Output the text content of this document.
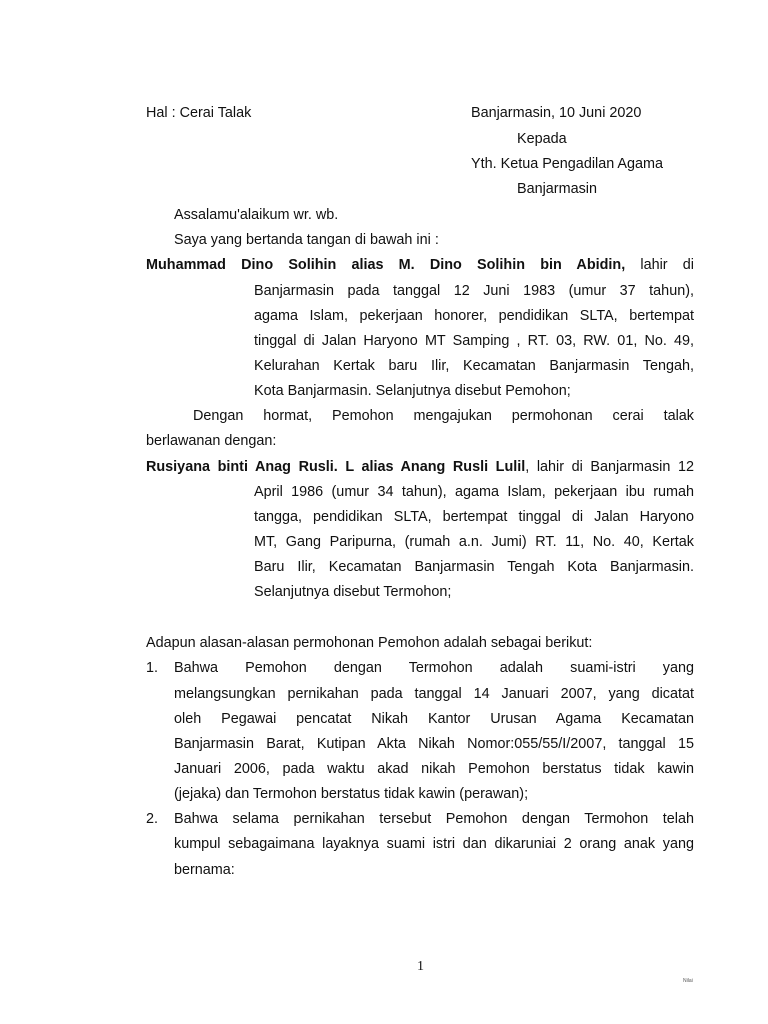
Hal : Cerai Talak	Banjarmasin, 10 Juni 2020
Kepada
Yth. Ketua Pengadilan Agama
Banjarmasin
Assalamu'alaikum wr. wb.
Saya yang bertanda tangan di bawah ini :
Muhammad Dino Solihin alias M. Dino Solihin bin Abidin, lahir di
Banjarmasin pada tanggal 12 Juni 1983 (umur 37 tahun),
agama Islam, pekerjaan honorer, pendidikan SLTA, bertempat
tinggal di Jalan Haryono MT Samping , RT. 03, RW. 01, No. 49,
Kelurahan Kertak baru Ilir, Kecamatan Banjarmasin Tengah,
Kota Banjarmasin. Selanjutnya disebut Pemohon;
Dengan hormat, Pemohon mengajukan permohonan cerai talak
berlawanan dengan:
Rusiyana binti Anag Rusli. L alias Anang Rusli Lulil, lahir di Banjarmasin 12
April 1986 (umur 34 tahun), agama Islam, pekerjaan ibu rumah
tangga, pendidikan SLTA, bertempat tinggal di Jalan Haryono
MT, Gang Paripurna, (rumah a.n. Jumi) RT. 11, No. 40, Kertak
Baru Ilir, Kecamatan Banjarmasin Tengah Kota Banjarmasin.
Selanjutnya disebut Termohon;
Adapun alasan-alasan permohonan Pemohon adalah sebagai berikut:
1. Bahwa Pemohon dengan Termohon adalah suami-istri yang
melangsungkan pernikahan pada tanggal 14 Januari 2007, yang dicatat
oleh Pegawai pencatat Nikah Kantor Urusan Agama Kecamatan
Banjarmasin Barat, Kutipan Akta Nikah Nomor:055/55/I/2007, tanggal 15
Januari 2006, pada waktu akad nikah Pemohon berstatus tidak kawin
(jejaka) dan Termohon berstatus tidak kawin (perawan);
2. Bahwa selama pernikahan tersebut Pemohon dengan Termohon telah
kumpul sebagaimana layaknya suami istri dan dikaruniai 2 orang anak yang
bernama:
1
Nilai
